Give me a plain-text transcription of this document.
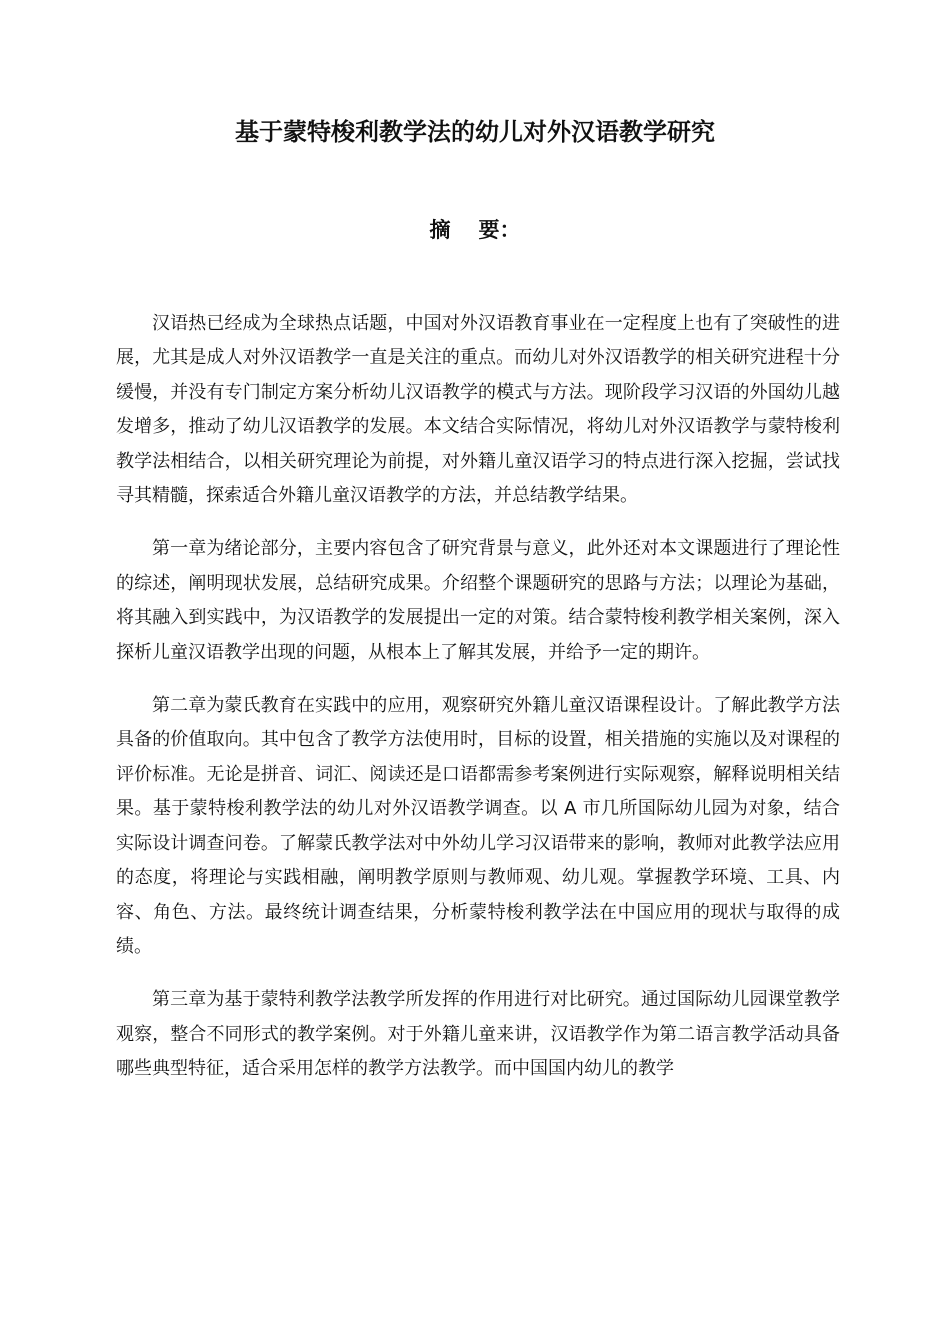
基于蒙特梭利教学法的幼儿对外汉语教学研究
摘 要：

汉语热已经成为全球热点话题，中国对外汉语教育事业在一定程度上也有了突破性的进展，尤其是成人对外汉语教学一直是关注的重点。而幼儿对外汉语教学的相关研究进程十分缓慢，并没有专门制定方案分析幼儿汉语教学的模式与方法。现阶段学习汉语的外国幼儿越发增多，推动了幼儿汉语教学的发展。本文结合实际情况，将幼儿对外汉语教学与蒙特梭利教学法相结合，以相关研究理论为前提，对外籍儿童汉语学习的特点进行深入挖掘，尝试找寻其精髓，探索适合外籍儿童汉语教学的方法，并总结教学结果。

第一章为绪论部分，主要内容包含了研究背景与意义，此外还对本文课题进行了理论性的综述，阐明现状发展，总结研究成果。介绍整个课题研究的思路与方法；以理论为基础，将其融入到实践中，为汉语教学的发展提出一定的对策。结合蒙特梭利教学相关案例，深入探析儿童汉语教学出现的问题，从根本上了解其发展，并给予一定的期许。

第二章为蒙氏教育在实践中的应用，观察研究外籍儿童汉语课程设计。了解此教学方法具备的价值取向。其中包含了教学方法使用时，目标的设置，相关措施的实施以及对课程的评价标准。无论是拼音、词汇、阅读还是口语都需参考案例进行实际观察，解释说明相关结果。基于蒙特梭利教学法的幼儿对外汉语教学调查。以 A 市几所国际幼儿园为对象，结合实际设计调查问卷。了解蒙氏教学法对中外幼儿学习汉语带来的影响，教师对此教学法应用的态度，将理论与实践相融，阐明教学原则与教师观、幼儿观。掌握教学环境、工具、内容、角色、方法。最终统计调查结果，分析蒙特梭利教学法在中国应用的现状与取得的成绩。

第三章为基于蒙特利教学法教学所发挥的作用进行对比研究。通过国际幼儿园课堂教学观察，整合不同形式的教学案例。对于外籍儿童来讲，汉语教学作为第二语言教学活动具备哪些典型特征，适合采用怎样的教学方法教学。而中国国内幼儿的教学
